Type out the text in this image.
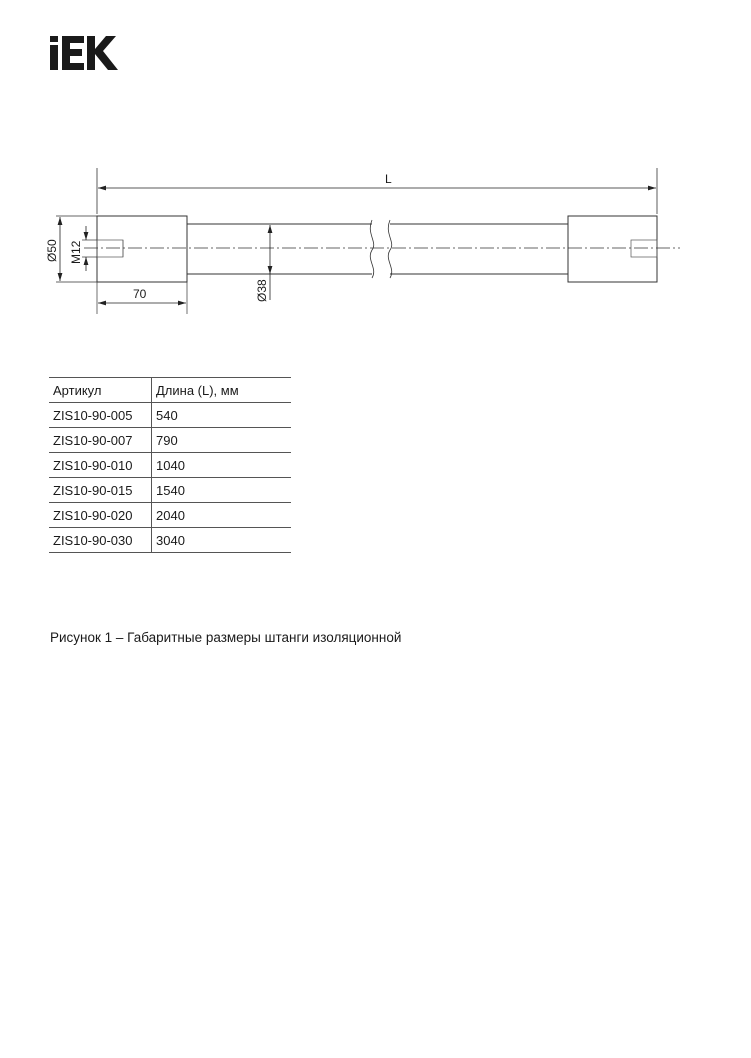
L
Ø50 M12
70	Ø38
Артикул	Длина (L), мм
ZIS10-90-005	540
ZIS10-90-007	790
ZIS10-90-010	1040
ZIS10-90-015	1540
ZIS10-90-020	2040
ZIS10-90-030	3040
Рисунок 1 – Габаритные размеры штанги изоляционной
